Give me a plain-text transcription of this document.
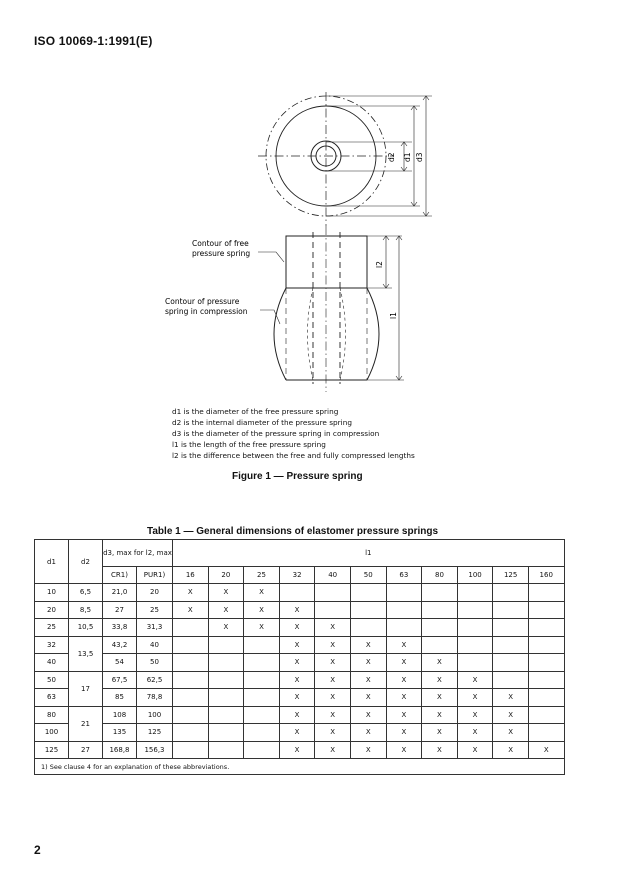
ISO 10069-1:1991(E)
d2 d1 d3
l2
l1
Contour of free
pressure spring
Contour of pressure
spring in compression
d1 is the diameter of the free pressure spring
d2 is the internal diameter of the pressure spring
d3 is the diameter of the pressure spring in compression
l1 is the length of the free pressure spring
l2 is the difference between the free and fully compressed lengths
Figure 1 — Pressure spring
Table 1 — General dimensions of elastomer pressure springs
d1	d2	d3, max for l2, max		l1										
		CR1)	PUR1)	16	20	25	32	40	50	63	80	100	125	160
10	6,5	21,0	20	X	X	X								
20	8,5	27	25	X	X	X	X							
25	10,5	33,8	31,3		X	X	X	X						
32	13,5	43,2	40				X	X	X	X				
40		54	50				X	X	X	X	X			
50	17	67,5	62,5				X	X	X	X	X	X		
63		85	78,8				X	X	X	X	X	X	X	
80	21	108	100				X	X	X	X	X	X	X	
100		135	125				X	X	X	X	X	X	X	
125	27	168,8	156,3				X	X	X	X	X	X	X	X
1) See clause 4 for an explanation of these abbreviations.														
2
